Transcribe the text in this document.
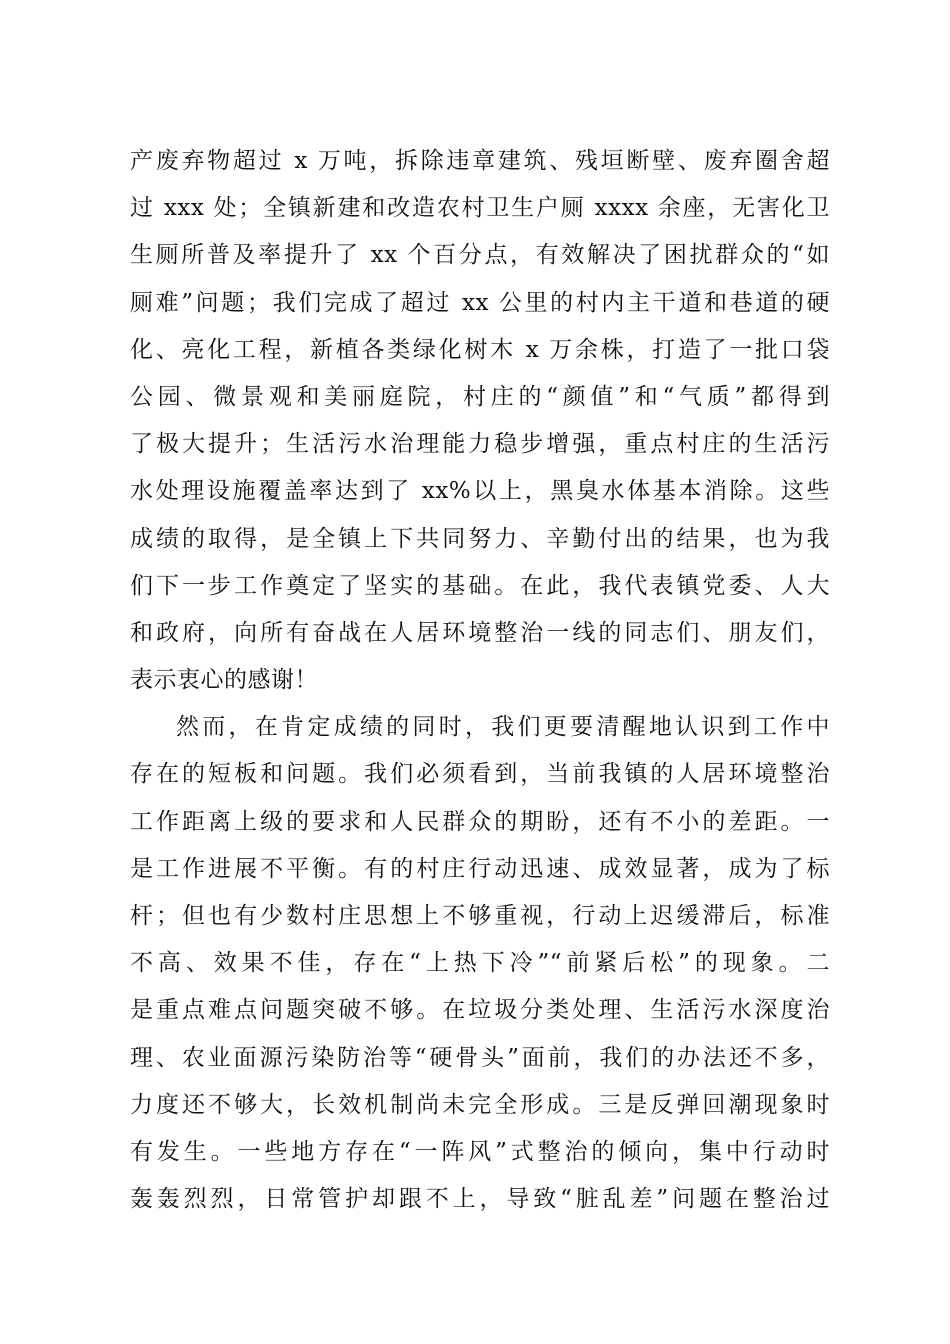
产废弃物超过 x 万吨，拆除违章建筑、残垣断壁、废弃圈舍超
过 xxx 处；全镇新建和改造农村卫生户厕 xxxx 余座，无害化卫
生厕所普及率提升了 xx 个百分点，有效解决了困扰群众的“如
厕难”问题；我们完成了超过 xx 公里的村内主干道和巷道的硬
化、亮化工程，新植各类绿化树木 x 万余株，打造了一批口袋
公园、微景观和美丽庭院，村庄的“颜值”和“气质”都得到
了极大提升；生活污水治理能力稳步增强，重点村庄的生活污
水处理设施覆盖率达到了 xx%以上，黑臭水体基本消除。这些
成绩的取得，是全镇上下共同努力、辛勤付出的结果，也为我
们下一步工作奠定了坚实的基础。在此，我代表镇党委、人大
和政府，向所有奋战在人居环境整治一线的同志们、朋友们，
表示衷心的感谢！
然而，在肯定成绩的同时，我们更要清醒地认识到工作中
存在的短板和问题。我们必须看到，当前我镇的人居环境整治
工作距离上级的要求和人民群众的期盼，还有不小的差距。一
是工作进展不平衡。有的村庄行动迅速、成效显著，成为了标
杆；但也有少数村庄思想上不够重视，行动上迟缓滞后，标准
不高、效果不佳，存在“上热下冷”“前紧后松”的现象。二
是重点难点问题突破不够。在垃圾分类处理、生活污水深度治
理、农业面源污染防治等“硬骨头”面前，我们的办法还不多，
力度还不够大，长效机制尚未完全形成。三是反弹回潮现象时
有发生。一些地方存在“一阵风”式整治的倾向，集中行动时
轰轰烈烈，日常管护却跟不上，导致“脏乱差”问题在整治过
